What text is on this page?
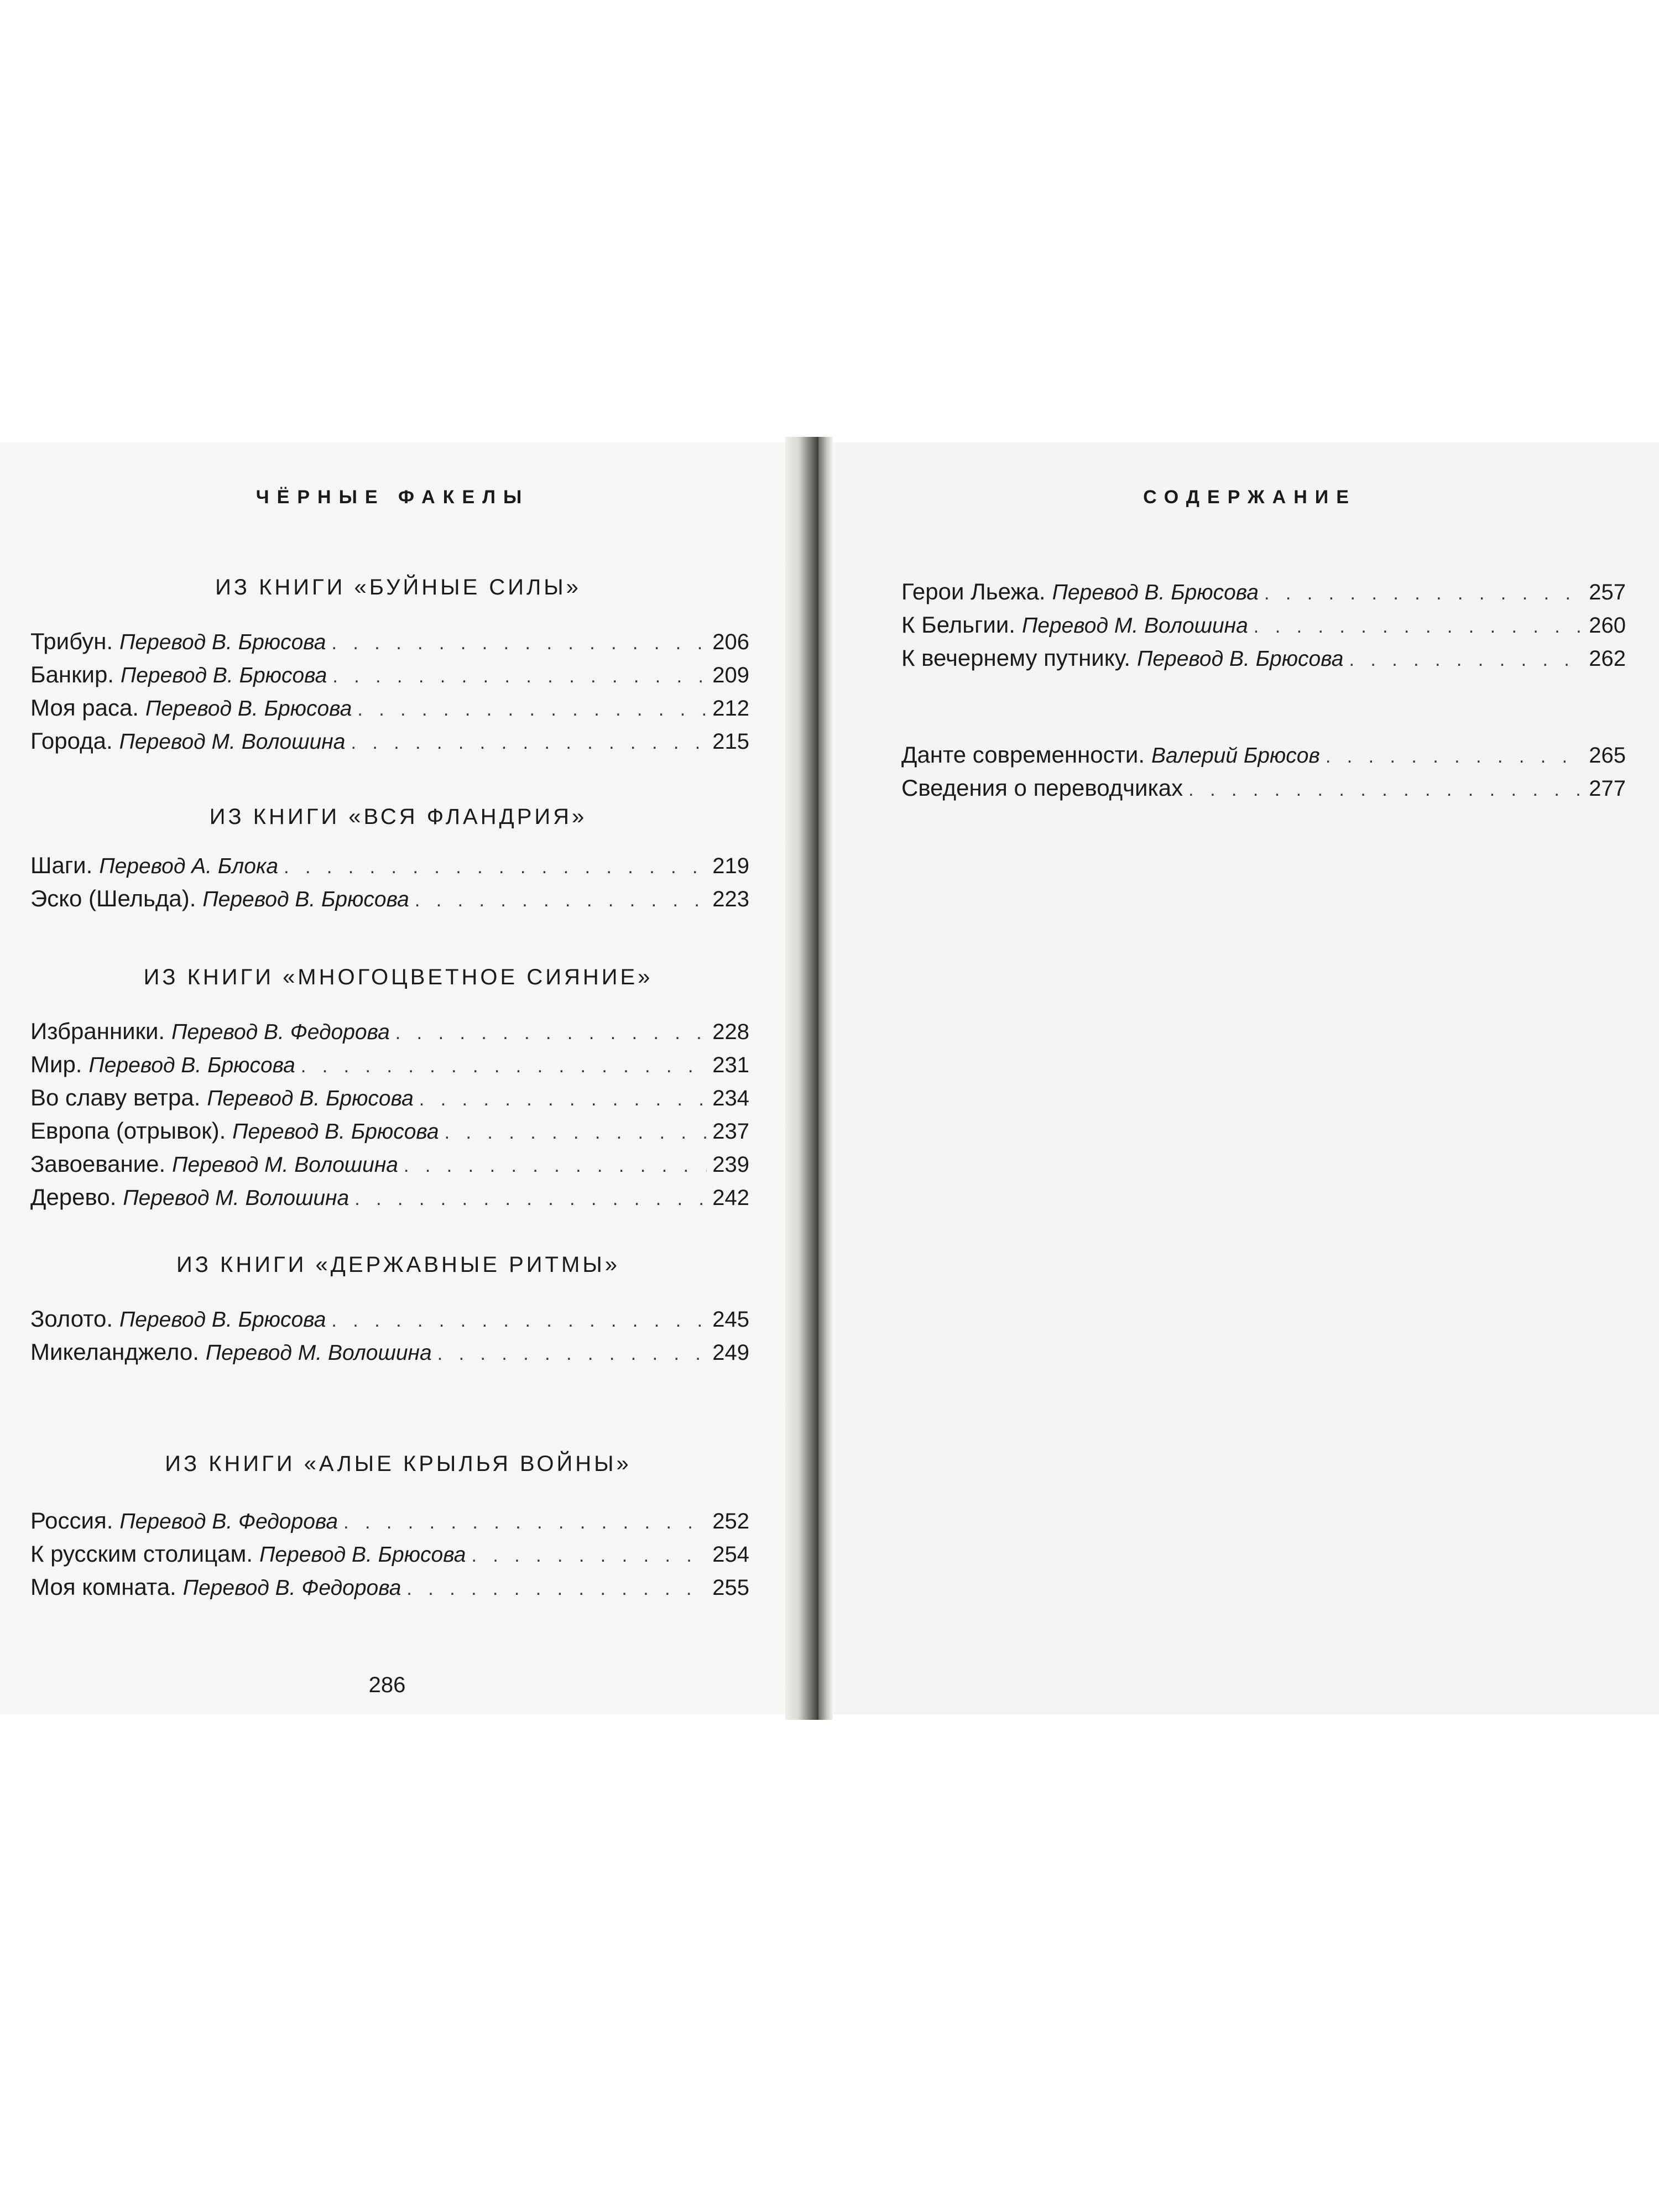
ЧЁРНЫЕ ФАКЕЛЫ
ИЗ КНИГИ «БУЙНЫЕ СИЛЫ»
Трибун. Перевод В. Брюсова . . .	206
Банкир. Перевод В. Брюсова . . .	209
Моя раса. Перевод В. Брюсова . . .	212
Города. Перевод М. Волошина . . .	215
ИЗ КНИГИ «ВСЯ ФЛАНДРИЯ»
Шаги. Перевод А. Блока . . .	219
Эско (Шельда). Перевод В. Брюсова . . .	223
ИЗ КНИГИ «МНОГОЦВЕТНОЕ СИЯНИЕ»
Избранники. Перевод В. Федорова . . .	228
Мир. Перевод В. Брюсова . . .	231
Во славу ветра. Перевод В. Брюсова . . .	234
Европа (отрывок). Перевод В. Брюсова . . .	237
Завоевание. Перевод М. Волошина . . .	239
Дерево. Перевод М. Волошина . . .	242
ИЗ КНИГИ «ДЕРЖАВНЫЕ РИТМЫ»
Золото. Перевод В. Брюсова . . .	245
Микеланджело. Перевод М. Волошина . . .	249
ИЗ КНИГИ «АЛЫЕ КРЫЛЬЯ ВОЙНЫ»
Россия. Перевод В. Федорова . . .	252
К русским столицам. Перевод В. Брюсова . . .	254
Моя комната. Перевод В. Федорова . . .	255
286
СОДЕРЖАНИЕ
Герои Льежа. Перевод В. Брюсова . . .	257
К Бельгии. Перевод М. Волошина . . .	260
К вечернему путнику. Перевод В. Брюсова . . .	262
Данте современности. Валерий Брюсов . . .	265
Сведения о переводчиках . . .	277
